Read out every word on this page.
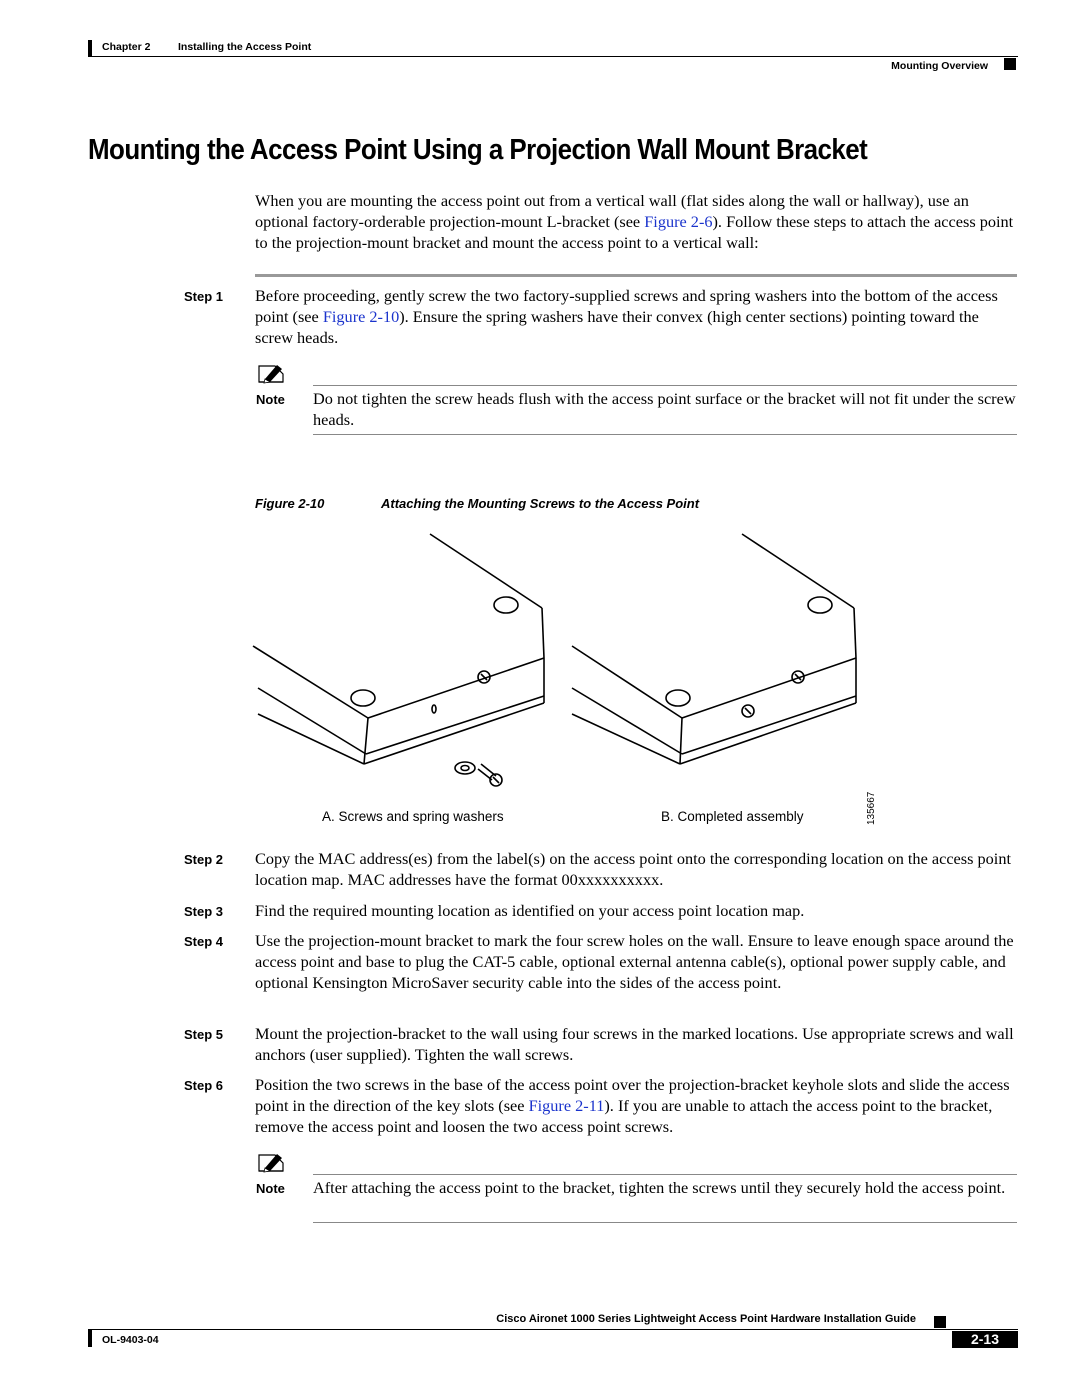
Chapter 2	Installing the Access Point
Mounting Overview
Mounting the Access Point Using a Projection Wall Mount Bracket
When you are mounting the access point out from a vertical wall (flat sides along the wall or hallway), use an optional factory-orderable projection-mount L-bracket (see Figure 2-6). Follow these steps to attach the access point to the projection-mount bracket and mount the access point to a vertical wall:
Step 1 Before proceeding, gently screw the two factory-supplied screws and spring washers into the bottom of the access point (see Figure 2-10). Ensure the spring washers have their convex (high center sections) pointing toward the screw heads.
Note Do not tighten the screw heads flush with the access point surface or the bracket will not fit under the screw heads.
Figure 2-10	Attaching the Mounting Screws to the Access Point
A. Screws and spring washers	B. Completed assembly	135667
Step 2 Copy the MAC address(es) from the label(s) on the access point onto the corresponding location on the access point location map. MAC addresses have the format 00xxxxxxxxxx.
Step 3 Find the required mounting location as identified on your access point location map.
Step 4 Use the projection-mount bracket to mark the four screw holes on the wall. Ensure to leave enough space around the access point and base to plug the CAT-5 cable, optional external antenna cable(s), optional power supply cable, and optional Kensington MicroSaver security cable into the sides of the access point.
Step 5 Mount the projection-bracket to the wall using four screws in the marked locations. Use appropriate screws and wall anchors (user supplied). Tighten the wall screws.
Step 6 Position the two screws in the base of the access point over the projection-bracket keyhole slots and slide the access point in the direction of the key slots (see Figure 2-11). If you are unable to attach the access point to the bracket, remove the access point and loosen the two access point screws.
Note After attaching the access point to the bracket, tighten the screws until they securely hold the access point.
Cisco Aironet 1000 Series Lightweight Access Point Hardware Installation Guide
OL-9403-04	2-13
